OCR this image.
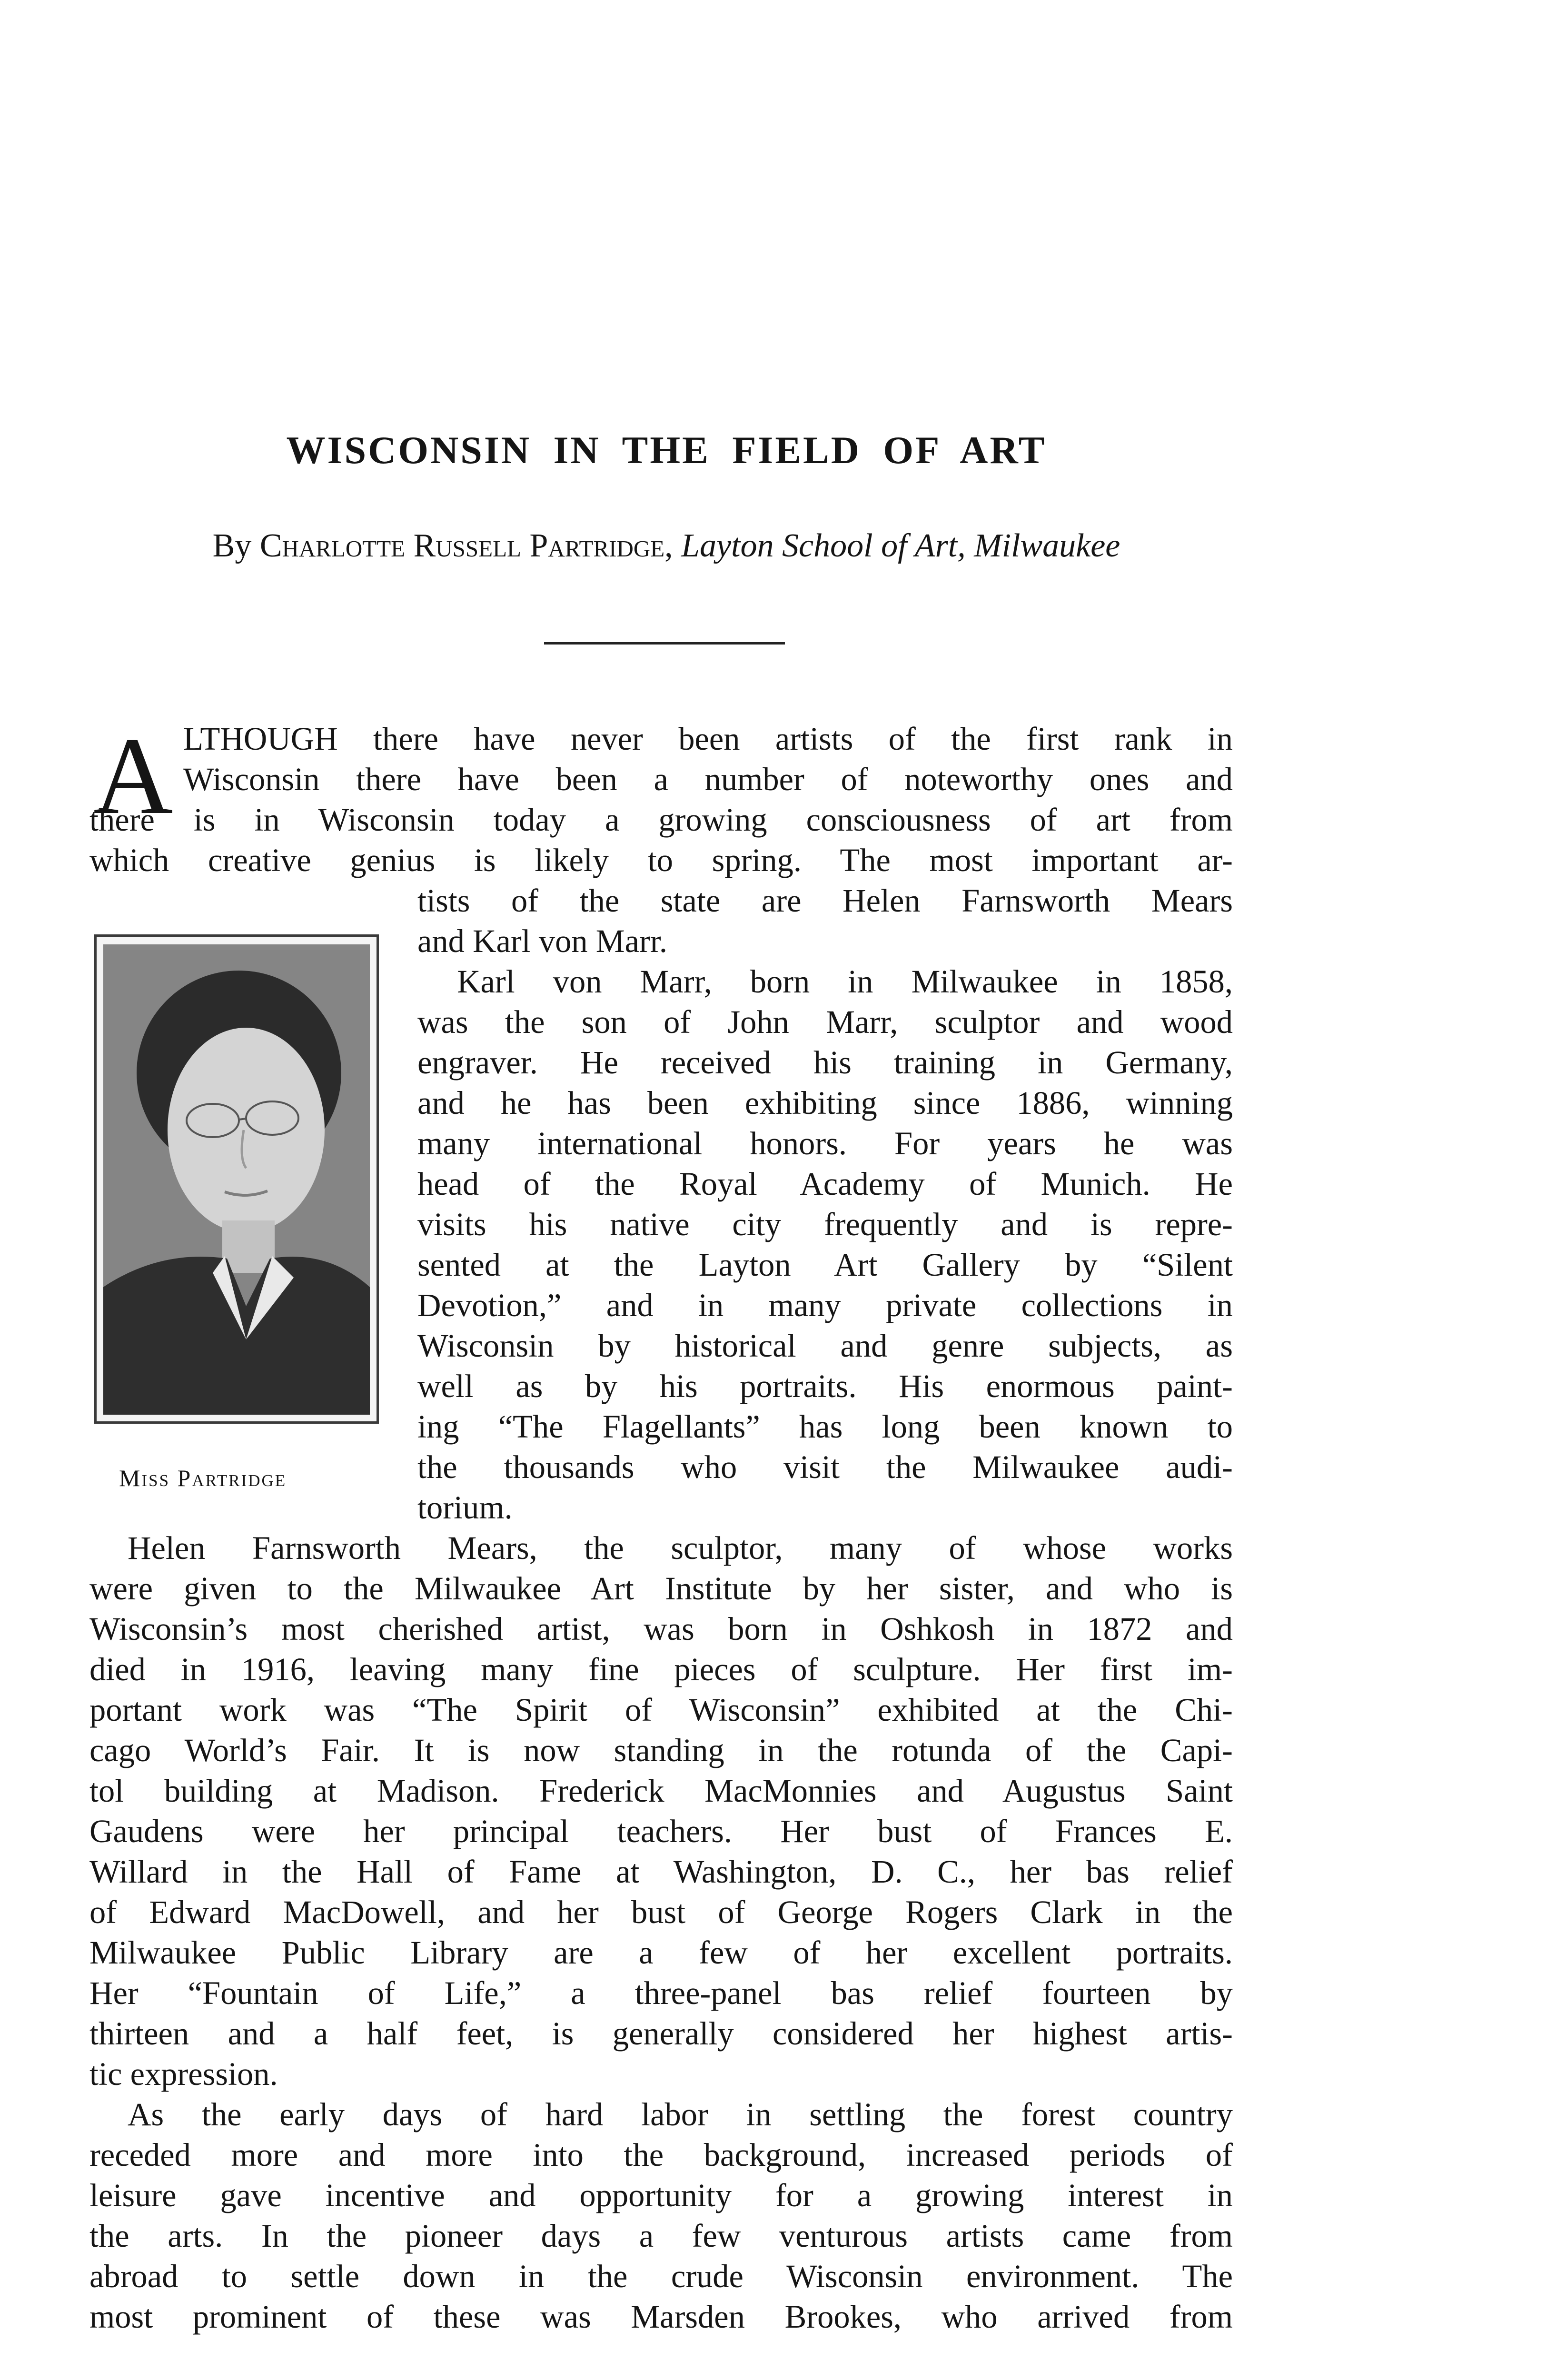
WISCONSIN IN THE FIELD OF ART
By Charlotte Russell Partridge, Layton School of Art, Milwaukee
A LTHOUGH there have never been artists of the first rank in
Wisconsin there have been a number of noteworthy ones and
there is in Wisconsin today a growing consciousness of art from
which creative genius is likely to spring. The most important ar-
tists of the state are Helen Farnsworth Mears
and Karl von Marr.
Karl von Marr, born in Milwaukee in 1858,
was the son of John Marr, sculptor and wood
engraver. He received his training in Germany,
and he has been exhibiting since 1886, winning
many international honors. For years he was
head of the Royal Academy of Munich. He
visits his native city frequently and is repre-
sented at the Layton Art Gallery by “Silent
Devotion,” and in many private collections in
Wisconsin by historical and genre subjects, as
well as by his portraits. His enormous paint-
ing “The Flagellants” has long been known to
the thousands who visit the Milwaukee audi-
torium.
Helen Farnsworth Mears, the sculptor, many of whose works
were given to the Milwaukee Art Institute by her sister, and who is
Wisconsin’s most cherished artist, was born in Oshkosh in 1872 and
died in 1916, leaving many fine pieces of sculpture. Her first im-
portant work was “The Spirit of Wisconsin” exhibited at the Chi-
cago World’s Fair. It is now standing in the rotunda of the Capi-
tol building at Madison. Frederick MacMonnies and Augustus Saint
Gaudens were her principal teachers. Her bust of Frances E.
Willard in the Hall of Fame at Washington, D. C., her bas relief
of Edward MacDowell, and her bust of George Rogers Clark in the
Milwaukee Public Library are a few of her excellent portraits.
Her “Fountain of Life,” a three-panel bas relief fourteen by
thirteen and a half feet, is generally considered her highest artis-
tic expression.
As the early days of hard labor in settling the forest country
receded more and more into the background, increased periods of
leisure gave incentive and opportunity for a growing interest in
the arts. In the pioneer days a few venturous artists came from
abroad to settle down in the crude Wisconsin environment. The
most prominent of these was Marsden Brookes, who arrived from
Miss Partridge
